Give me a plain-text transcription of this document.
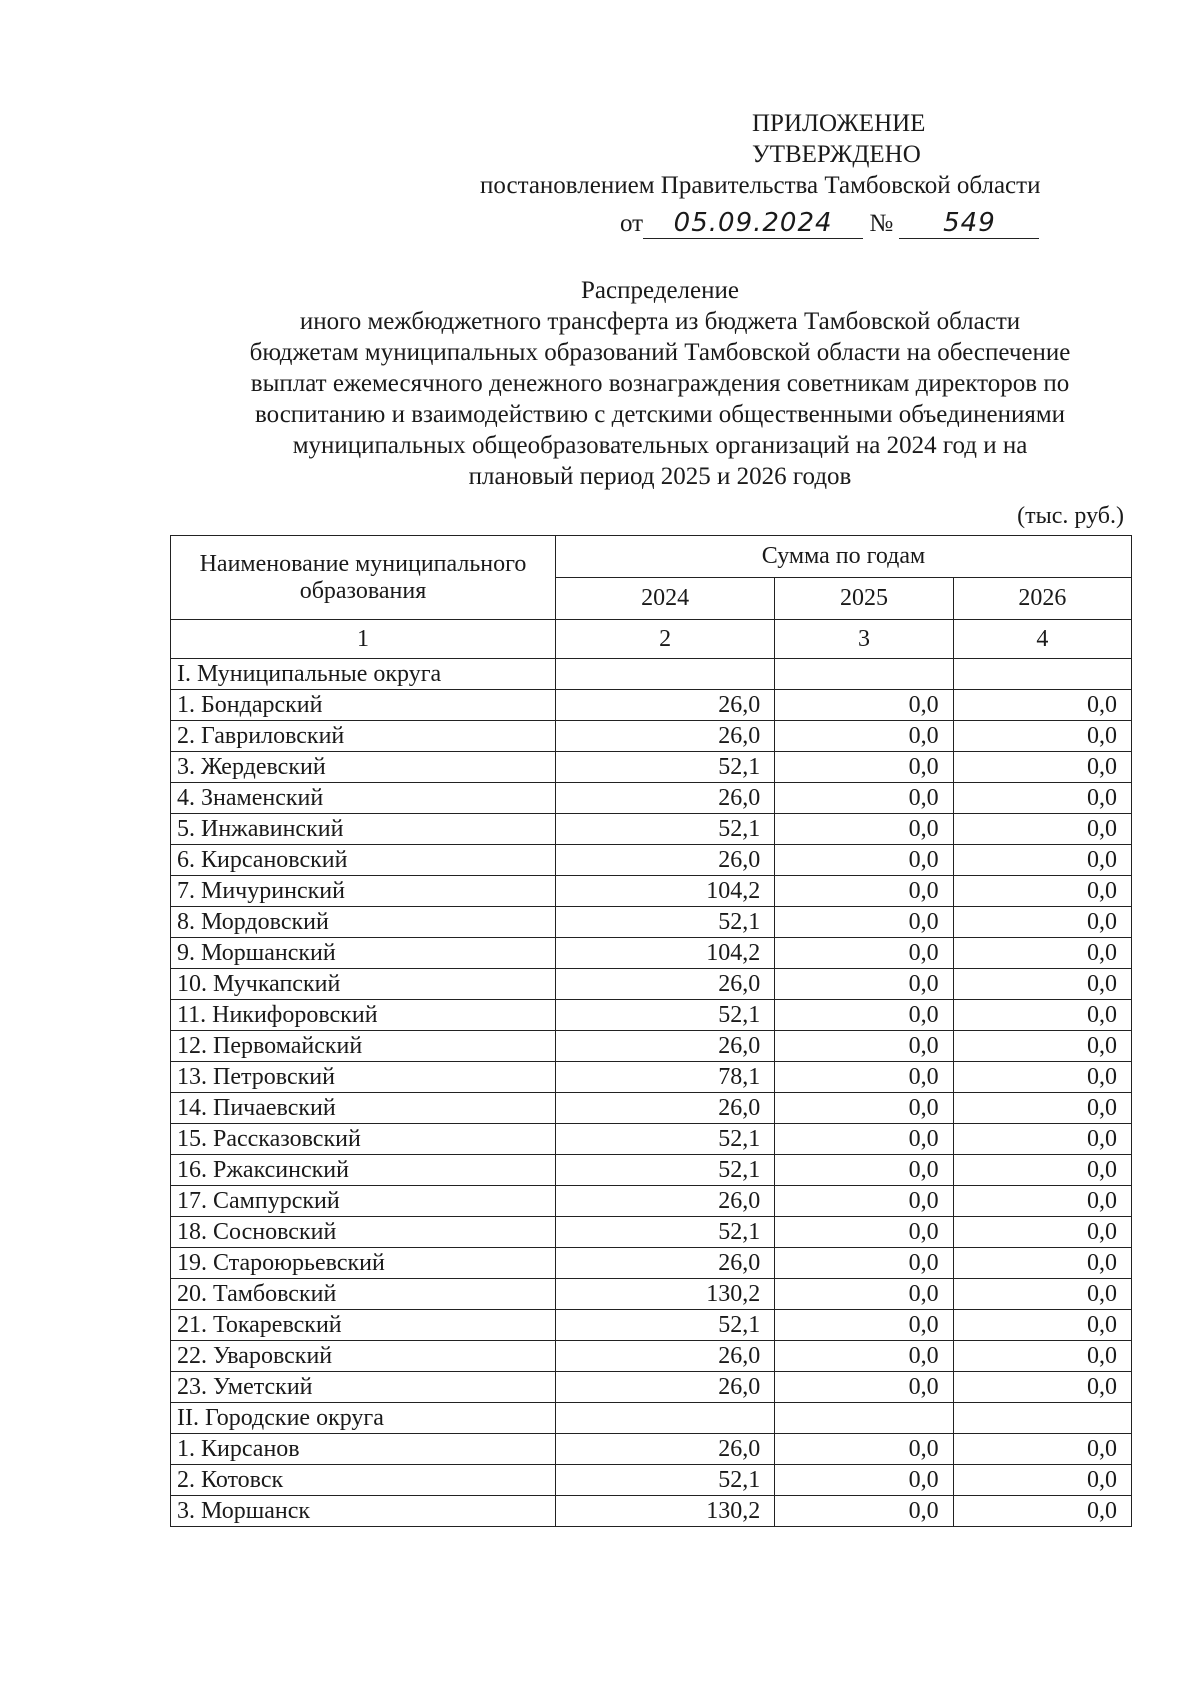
ПРИЛОЖЕНИЕ
УТВЕРЖДЕНО
постановлением Правительства Тамбовской области
от 05.09.2024 № 549
Распределение
иного межбюджетного трансферта из бюджета Тамбовской области
бюджетам муниципальных образований Тамбовской области на обеспечение
выплат ежемесячного денежного вознаграждения советникам директоров по
воспитанию и взаимодействию с детскими общественными объединениями
муниципальных общеобразовательных организаций на 2024 год и на
плановый период 2025 и 2026 годов
(тыс. руб.)
Наименование муниципального образования	Сумма по годам		
	2024	2025	2026
1	2	3	4
I. Муниципальные округа			
1. Бондарский	26,0	0,0	0,0
2. Гавриловский	26,0	0,0	0,0
3. Жердевский	52,1	0,0	0,0
4. Знаменский	26,0	0,0	0,0
5. Инжавинский	52,1	0,0	0,0
6. Кирсановский	26,0	0,0	0,0
7. Мичуринский	104,2	0,0	0,0
8. Мордовский	52,1	0,0	0,0
9. Моршанский	104,2	0,0	0,0
10. Мучкапский	26,0	0,0	0,0
11. Никифоровский	52,1	0,0	0,0
12. Первомайский	26,0	0,0	0,0
13. Петровский	78,1	0,0	0,0
14. Пичаевский	26,0	0,0	0,0
15. Рассказовский	52,1	0,0	0,0
16. Ржаксинский	52,1	0,0	0,0
17. Сампурский	26,0	0,0	0,0
18. Сосновский	52,1	0,0	0,0
19. Староюрьевский	26,0	0,0	0,0
20. Тамбовский	130,2	0,0	0,0
21. Токаревский	52,1	0,0	0,0
22. Уваровский	26,0	0,0	0,0
23. Уметский	26,0	0,0	0,0
II. Городские округа			
1. Кирсанов	26,0	0,0	0,0
2. Котовск	52,1	0,0	0,0
3. Моршанск	130,2	0,0	0,0
